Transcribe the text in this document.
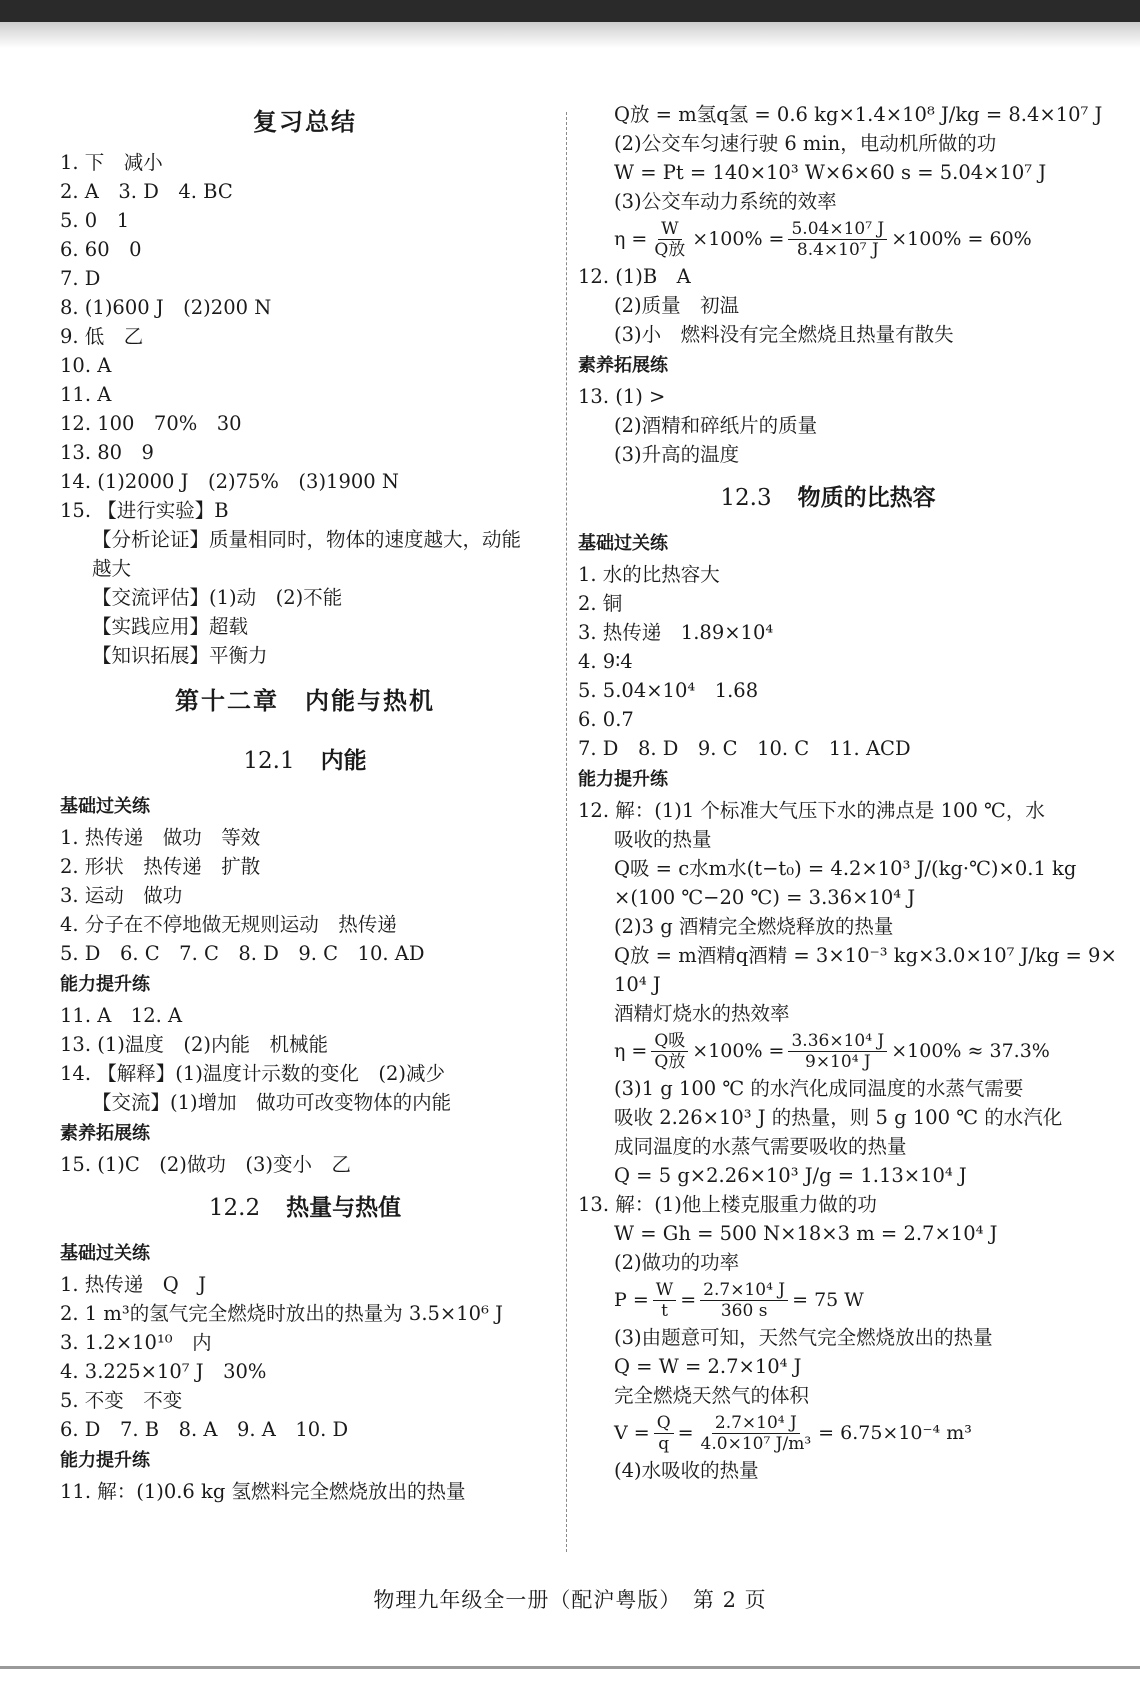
复习总结
1. 下　减小
2. A　3. D　4. BC
5. 0　1
6. 60　0
7. D
8. (1)600 J　(2)200 N
9. 低　乙
10. A
11. A
12. 100　70%　30
13. 80　9
14. (1)2000 J　(2)75%　(3)1900 N
15. 【进行实验】B
【分析论证】质量相同时，物体的速度越大，动能
越大
【交流评估】(1)动　(2)不能
【实践应用】超载
【知识拓展】平衡力
第十二章 内能与热机
12.1 内能
基础过关练
1. 热传递　做功　等效
2. 形状　热传递　扩散
3. 运动　做功
4. 分子在不停地做无规则运动　热传递
5. D　6. C　7. C　8. D　9. C　10. AD
能力提升练
11. A　12. A
13. (1)温度　(2)内能　机械能
14. 【解释】(1)温度计示数的变化　(2)减少
【交流】(1)增加　做功可改变物体的内能
素养拓展练
15. (1)C　(2)做功　(3)变小　乙
12.2 热量与热值
基础过关练
1. 热传递　Q　J
2. 1 m³的氢气完全燃烧时放出的热量为 3.5×10⁶ J
3. 1.2×10¹⁰　内
4. 3.225×10⁷ J　30%
5. 不变　不变
6. D　7. B　8. A　9. A　10. D
能力提升练
11. 解：(1)0.6 kg 氢燃料完全燃烧放出的热量
Q放 = m氢q氢 = 0.6 kg×1.4×10⁸ J/kg = 8.4×10⁷ J
(2)公交车匀速行驶 6 min，电动机所做的功
W = Pt = 140×10³ W×6×60 s = 5.04×10⁷ J
(3)公交车动力系统的效率
$\eta = \frac{W}{\text{Q放}} \times 100\% = \frac{\text{5.04×10⁷ J}}{\text{8.4×10⁷ J}} \times 100\% = 60\%$
12. (1)B　A
(2)质量　初温
(3)小　燃料没有完全燃烧且热量有散失
素养拓展练
13. (1) >
(2)酒精和碎纸片的质量
(3)升高的温度
12.3 物质的比热容
基础过关练
1. 水的比热容大
2. 铜
3. 热传递　1.89×10⁴
4. 9∶4
5. 5.04×10⁴　1.68
6. 0.7
7. D　8. D　9. C　10. C　11. ACD
能力提升练
12. 解：(1)1 个标准大气压下水的沸点是 100 ℃，水
吸收的热量
Q吸 = c水m水(t−t₀) = 4.2×10³ J/(kg·℃)×0.1 kg
×(100 ℃−20 ℃) = 3.36×10⁴ J
(2)3 g 酒精完全燃烧释放的热量
Q放 = m酒精q酒精 = 3×10⁻³ kg×3.0×10⁷ J/kg = 9×
10⁴ J
酒精灯烧水的热效率
$\eta = \frac{\text{Q吸}}{\text{Q放}} \times 100\% = \frac{\text{3.36×10⁴ J}}{\text{9×10⁴ J}} \times 100\% \approx 37.3\%$
(3)1 g 100 ℃ 的水汽化成同温度的水蒸气需要
吸收 2.26×10³ J 的热量，则 5 g 100 ℃ 的水汽化
成同温度的水蒸气需要吸收的热量
Q = 5 g×2.26×10³ J/g = 1.13×10⁴ J
13. 解：(1)他上楼克服重力做的功
W = Gh = 500 N×18×3 m = 2.7×10⁴ J
(2)做功的功率
$P = \frac{W}{t} = \frac{\text{2.7×10⁴ J}}{360 s} = 75$ W
(3)由题意可知，天然气完全燃烧放出的热量
Q = W = 2.7×10⁴ J
完全燃烧天然气的体积
$V = \frac{Q}{q} = \frac{\text{2.7×10⁴ J}}{\text{4.0×10⁷ J/m³}} = 6.75\times 10^{-4}$ m³
(4)水吸收的热量
物理九年级全一册（配沪粤版）　第 2 页
